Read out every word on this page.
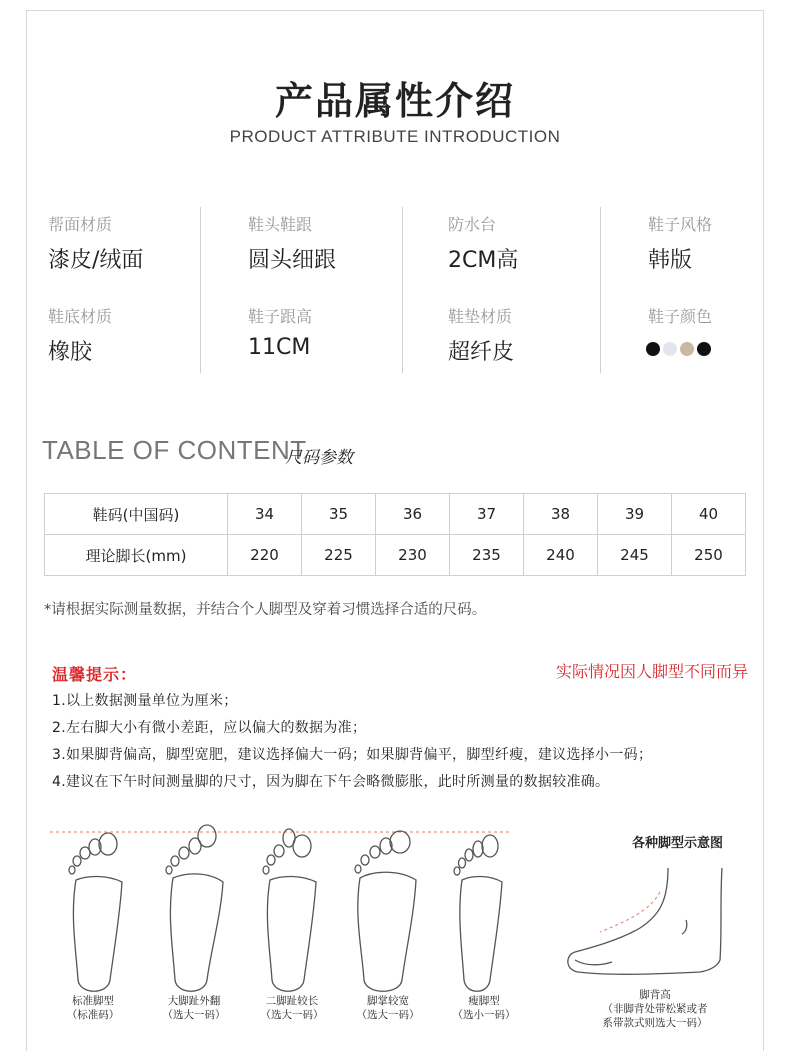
产品属性介绍
PRODUCT ATTRIBUTE INTRODUCTION
帮面材质
漆皮/绒面
鞋头鞋跟
圆头细跟
防水台
2CM高
鞋子风格
韩版
鞋底材质
橡胶
鞋子跟高
11CM
鞋垫材质
超纤皮
鞋子颜色
TABLE OF CONTENT
尺码参数
鞋码(中国码)	34	35	36	37	38	39	40
理论脚长(mm)	220	225	230	235	240	245	250
*请根据实际测量数据，并结合个人脚型及穿着习惯选择合适的尺码。
温馨提示：	实际情况因人脚型不同而异
1.以上数据测量单位为厘米；
2.左右脚大小有微小差距，应以偏大的数据为准；
3.如果脚背偏高，脚型宽肥，建议选择偏大一码；如果脚背偏平，脚型纤瘦，建议选择小一码；
4.建议在下午时间测量脚的尺寸，因为脚在下午会略微膨胀，此时所测量的数据较准确。
各种脚型示意图
标准脚型
（标准码）
大脚趾外翻
（选大一码）
二脚趾较长
（选大一码）
脚掌较宽
（选大一码）
瘦脚型
（选小一码）
脚背高
（非脚背处带松紧或者
系带款式则选大一码）
